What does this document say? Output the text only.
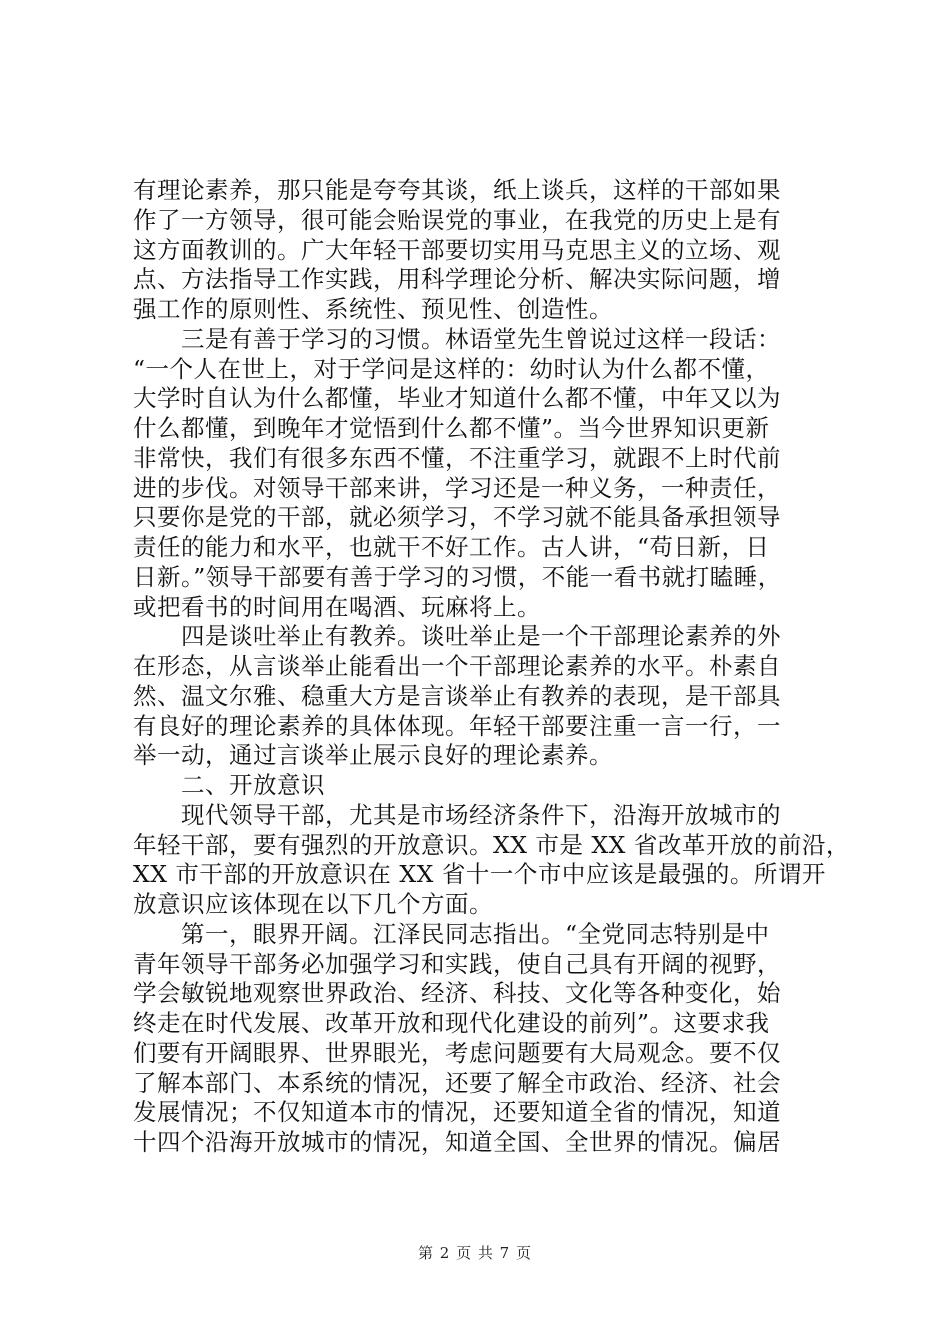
有理论素养，那只能是夸夸其谈，纸上谈兵，这样的干部如果
作了一方领导，很可能会贻误党的事业，在我党的历史上是有
这方面教训的。广大年轻干部要切实用马克思主义的立场、观
点、方法指导工作实践，用科学理论分析、解决实际问题，增
强工作的原则性、系统性、预见性、创造性。
　　三是有善于学习的习惯。林语堂先生曾说过这样一段话：
“一个人在世上，对于学问是这样的：幼时认为什么都不懂，
大学时自认为什么都懂，毕业才知道什么都不懂，中年又以为
什么都懂，到晚年才觉悟到什么都不懂”。当今世界知识更新
非常快，我们有很多东西不懂，不注重学习，就跟不上时代前
进的步伐。对领导干部来讲，学习还是一种义务，一种责任，
只要你是党的干部，就必须学习，不学习就不能具备承担领导
责任的能力和水平，也就干不好工作。古人讲，“苟日新，日
日新。”领导干部要有善于学习的习惯，不能一看书就打瞌睡，
或把看书的时间用在喝酒、玩麻将上。
　　四是谈吐举止有教养。谈吐举止是一个干部理论素养的外
在形态，从言谈举止能看出一个干部理论素养的水平。朴素自
然、温文尔雅、稳重大方是言谈举止有教养的表现，是干部具
有良好的理论素养的具体体现。年轻干部要注重一言一行，一
举一动，通过言谈举止展示良好的理论素养。
　　二、开放意识
　　现代领导干部，尤其是市场经济条件下，沿海开放城市的
年轻干部，要有强烈的开放意识。XX 市是 XX 省改革开放的前沿，
XX 市干部的开放意识在 XX 省十一个市中应该是最强的。所谓开
放意识应该体现在以下几个方面。
　　第一，眼界开阔。江泽民同志指出。“全党同志特别是中
青年领导干部务必加强学习和实践，使自己具有开阔的视野，
学会敏锐地观察世界政治、经济、科技、文化等各种变化，始
终走在时代发展、改革开放和现代化建设的前列”。这要求我
们要有开阔眼界、世界眼光，考虑问题要有大局观念。要不仅
了解本部门、本系统的情况，还要了解全市政治、经济、社会
发展情况；不仅知道本市的情况，还要知道全省的情况，知道
十四个沿海开放城市的情况，知道全国、全世界的情况。偏居
第 2 页 共 7 页
